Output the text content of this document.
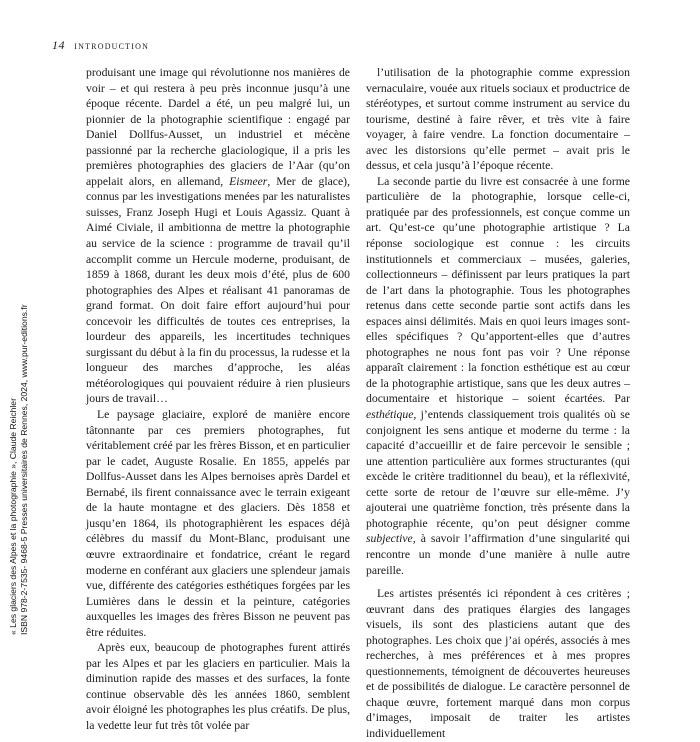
14 introduction

produisant une image qui révolutionne nos manières de voir – et qui restera à peu près inconnue jusqu’à une époque récente. Dardel a été, un peu malgré lui, un pionnier de la photographie scientifique : engagé par Daniel Dollfus-Ausset, un industriel et mécène passionné par la recherche glaciologique, il a pris les premières photographies des glaciers de l’Aar (qu’on appelait alors, en allemand, Eismeer, Mer de glace), connus par les investigations menées par les naturalistes suisses, Franz Joseph Hugi et Louis Agassiz. Quant à Aimé Civiale, il ambitionna de mettre la photographie au service de la science : programme de travail qu’il accomplit comme un Hercule moderne, produisant, de 1859 à 1868, durant les deux mois d’été, plus de 600 photographies des Alpes et réalisant 41 panoramas de grand format. On doit faire effort aujourd’hui pour concevoir les difficultés de toutes ces entreprises, la lourdeur des appareils, les incertitudes techniques surgissant du début à la fin du processus, la rudesse et la longueur des marches d’approche, les aléas météorologiques qui pouvaient réduire à rien plusieurs jours de travail…

Le paysage glaciaire, exploré de manière encore tâtonnante par ces premiers photographes, fut véritablement créé par les frères Bisson, et en particulier par le cadet, Auguste Rosalie. En 1855, appelés par Dollfus-Ausset dans les Alpes bernoises après Dardel et Bernabé, ils firent connaissance avec le terrain exigeant de la haute montagne et des glaciers. Dès 1858 et jusqu’en 1864, ils photographièrent les espaces déjà célèbres du massif du Mont-Blanc, produisant une œuvre extraordinaire et fondatrice, créant le regard moderne en conférant aux glaciers une splendeur jamais vue, différente des catégories esthétiques forgées par les Lumières dans le dessin et la peinture, catégories auxquelles les images des frères Bisson ne peuvent pas être réduites.

Après eux, beaucoup de photographes furent attirés par les Alpes et par les glaciers en particulier. Mais la diminution rapide des masses et des surfaces, la fonte continue observable dès les années 1860, semblent avoir éloigné les photographes les plus créatifs. De plus, la vedette leur fut très tôt volée par

l’utilisation de la photographie comme expression vernaculaire, vouée aux rituels sociaux et productrice de stéréotypes, et surtout comme instrument au service du tourisme, destiné à faire rêver, et très vite à faire voyager, à faire vendre. La fonction documentaire – avec les distorsions qu’elle permet – avait pris le dessus, et cela jusqu’à l’époque récente.

La seconde partie du livre est consacrée à une forme particulière de la photographie, lorsque celle-ci, pratiquée par des professionnels, est conçue comme un art. Qu’est-ce qu’une photographie artistique ? La réponse sociologique est connue : les circuits institutionnels et commerciaux – musées, galeries, collectionneurs – définissent par leurs pratiques la part de l’art dans la photographie. Tous les photographes retenus dans cette seconde partie sont actifs dans les espaces ainsi délimités. Mais en quoi leurs images sont-elles spécifiques ? Qu’apportent-elles que d’autres photographes ne nous font pas voir ? Une réponse apparaît clairement : la fonction esthétique est au cœur de la photographie artistique, sans que les deux autres – documentaire et historique – soient écartées. Par esthétique, j’entends classiquement trois qualités où se conjoignent les sens antique et moderne du terme : la capacité d’accueillir et de faire percevoir le sensible ; une attention particulière aux formes structurantes (qui excède le critère traditionnel du beau), et la réflexivité, cette sorte de retour de l’œuvre sur elle-même. J’y ajouterai une quatrième fonction, très présente dans la photographie récente, qu’on peut désigner comme subjective, à savoir l’affirmation d’une singularité qui rencontre un monde d’une manière à nulle autre pareille.

Les artistes présentés ici répondent à ces critères ; œuvrant dans des pratiques élargies des langages visuels, ils sont des plasticiens autant que des photographes. Les choix que j’ai opérés, associés à mes recherches, à mes préférences et à mes propres questionnements, témoignent de découvertes heureuses et de possibilités de dialogue. Le caractère personnel de chaque œuvre, fortement marqué dans mon corpus d’images, imposait de traiter les artistes individuellement

« Les glaciers des Alpes et la photographie », Claude Reichler ISBN 978-2-7535- 9468-5 Presses universitaires de Rennes, 2024, www.pur-editions.fr
